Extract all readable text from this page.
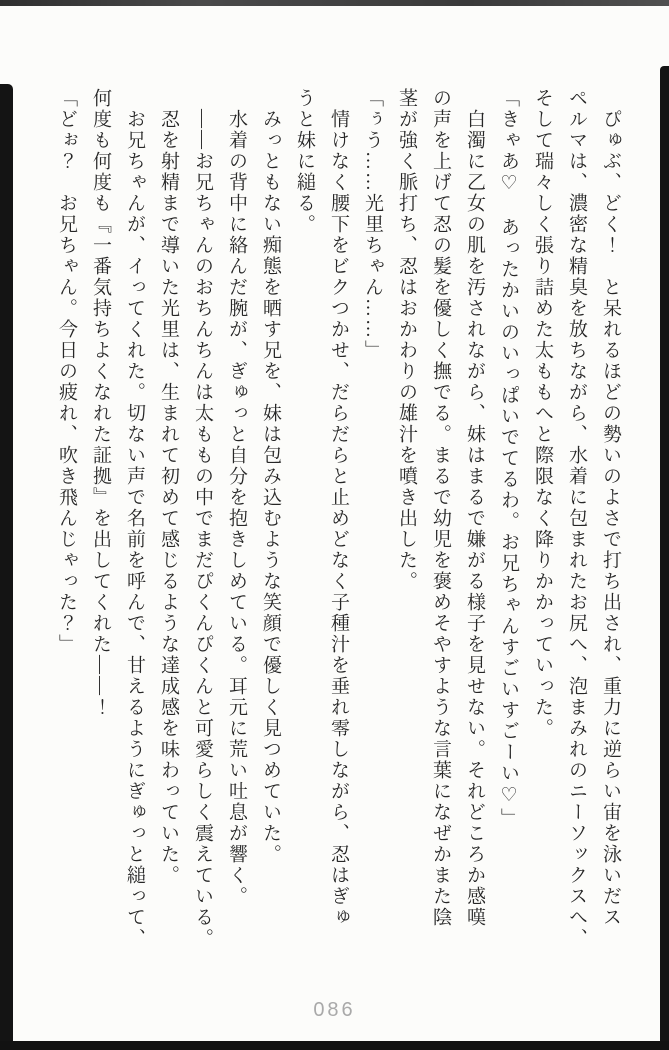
ぴゅぶ、どく！　と呆れるほどの勢いのよさで打ち出され、重力に逆らい宙を泳いだス

ペルマは、濃密な精臭を放ちながら、水着に包まれたお尻へ、泡まみれのニーソックスへ、

そして瑞々しく張り詰めた太ももへと際限なく降りかかっていった。

「きゃあ♡　あったかいのいっぱいでてるわ。お兄ちゃんすごいすごーい♡」

白濁に乙女の肌を汚されながら、妹はまるで嫌がる様子を見せない。それどころか感嘆

の声を上げて忍の髪を優しく撫でる。まるで幼児を褒めそやすような言葉になぜかまた陰

茎が強く脈打ち、忍はおかわりの雄汁を噴き出した。

「ぅう……光里ちゃん……」

情けなく腰下をビクつかせ、だらだらと止めどなく子種汁を垂れ零しながら、忍はぎゅ

うと妹に縋る。

みっともない痴態を晒す兄を、妹は包み込むような笑顔で優しく見つめていた。

水着の背中に絡んだ腕が、ぎゅっと自分を抱きしめている。耳元に荒い吐息が響く。

――お兄ちゃんのおちんちんは太ももの中でまだぴくんぴくんと可愛らしく震えている。

忍を射精まで導いた光里は、生まれて初めて感じるような達成感を味わっていた。

お兄ちゃんが、イってくれた。切ない声で名前を呼んで、甘えるようにぎゅっと縋って、

何度も何度も『一番気持ちよくなれた証拠』を出してくれた――！

「どぉ？　お兄ちゃん。今日の疲れ、吹き飛んじゃった？」

086
